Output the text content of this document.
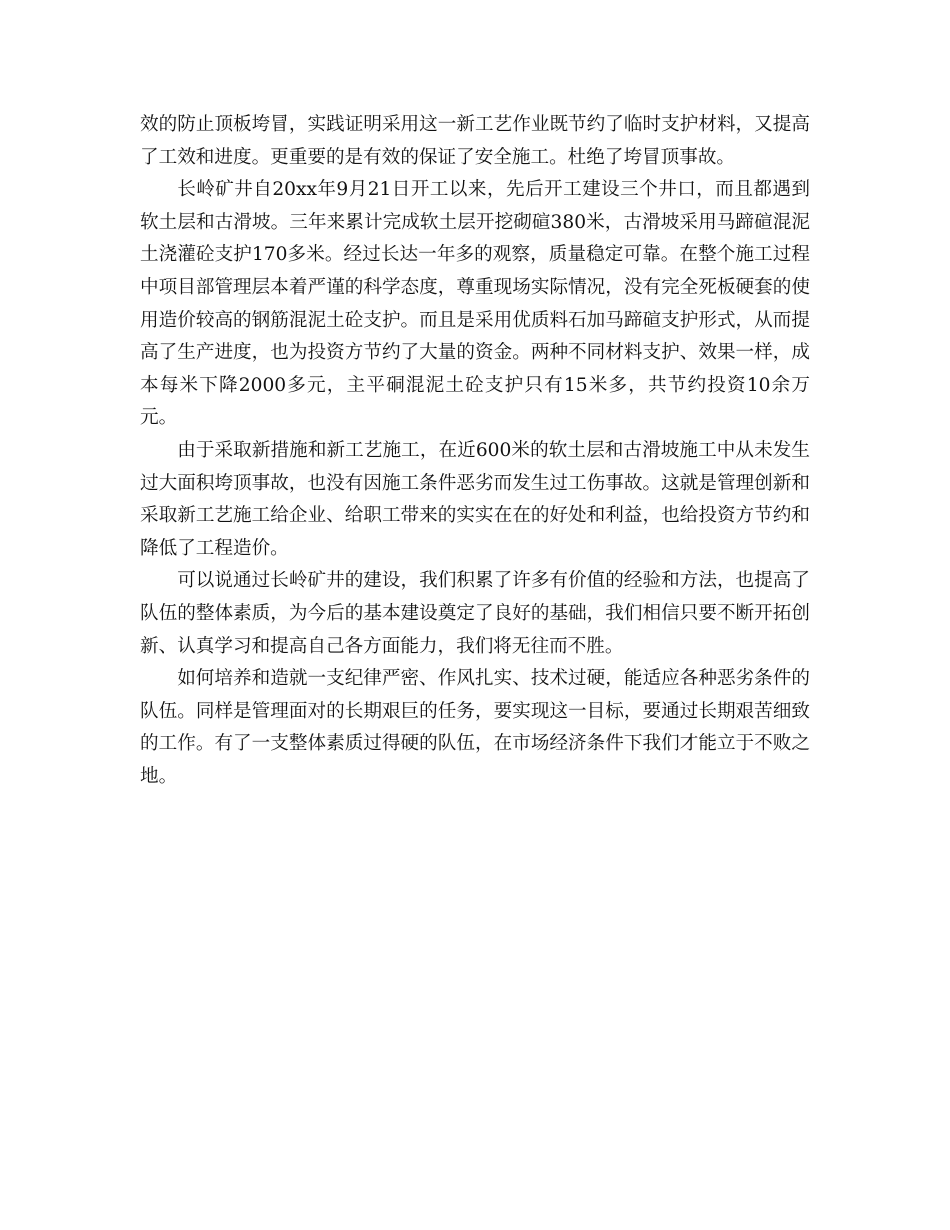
效的防止顶板垮冒，实践证明采用这一新工艺作业既节约了临时支护材料，又提高了工效和进度。更重要的是有效的保证了安全施工。杜绝了垮冒顶事故。

长岭矿井自20xx年9月21日开工以来，先后开工建设三个井口，而且都遇到软土层和古滑坡。三年来累计完成软土层开挖砌碹380米，古滑坡采用马蹄碹混泥土浇灌砼支护170多米。经过长达一年多的观察，质量稳定可靠。在整个施工过程中项目部管理层本着严谨的科学态度，尊重现场实际情况，没有完全死板硬套的使用造价较高的钢筋混泥土砼支护。而且是采用优质料石加马蹄碹支护形式，从而提高了生产进度，也为投资方节约了大量的资金。两种不同材料支护、效果一样，成本每米下降2000多元，主平硐混泥土砼支护只有15米多，共节约投资10余万元。

由于采取新措施和新工艺施工，在近600米的软土层和古滑坡施工中从未发生过大面积垮顶事故，也没有因施工条件恶劣而发生过工伤事故。这就是管理创新和采取新工艺施工给企业、给职工带来的实实在在的好处和利益，也给投资方节约和降低了工程造价。

可以说通过长岭矿井的建设，我们积累了许多有价值的经验和方法，也提高了队伍的整体素质，为今后的基本建设奠定了良好的基础，我们相信只要不断开拓创新、认真学习和提高自己各方面能力，我们将无往而不胜。

如何培养和造就一支纪律严密、作风扎实、技术过硬，能适应各种恶劣条件的队伍。同样是管理面对的长期艰巨的任务，要实现这一目标，要通过长期艰苦细致的工作。有了一支整体素质过得硬的队伍，在市场经济条件下我们才能立于不败之地。
